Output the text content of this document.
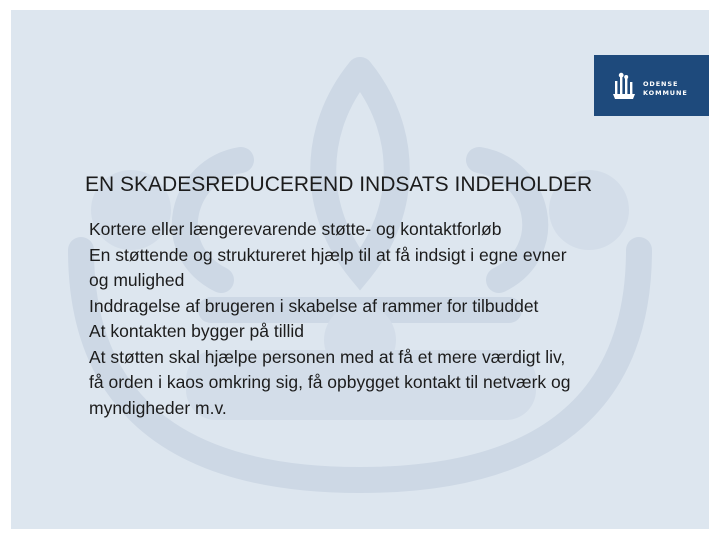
ODENSE
KOMMUNE
EN SKADESREDUCEREND INDSATS INDEHOLDER
Kortere eller længerevarende støtte- og kontaktforløb
En støttende og struktureret hjælp til at få indsigt i egne evner og mulighed
Inddragelse af brugeren i skabelse af rammer for tilbuddet
At kontakten bygger på tillid
At støtten skal hjælpe personen med at få et mere værdigt liv, få orden i kaos omkring sig, få opbygget kontakt til netværk og myndigheder m.v.
